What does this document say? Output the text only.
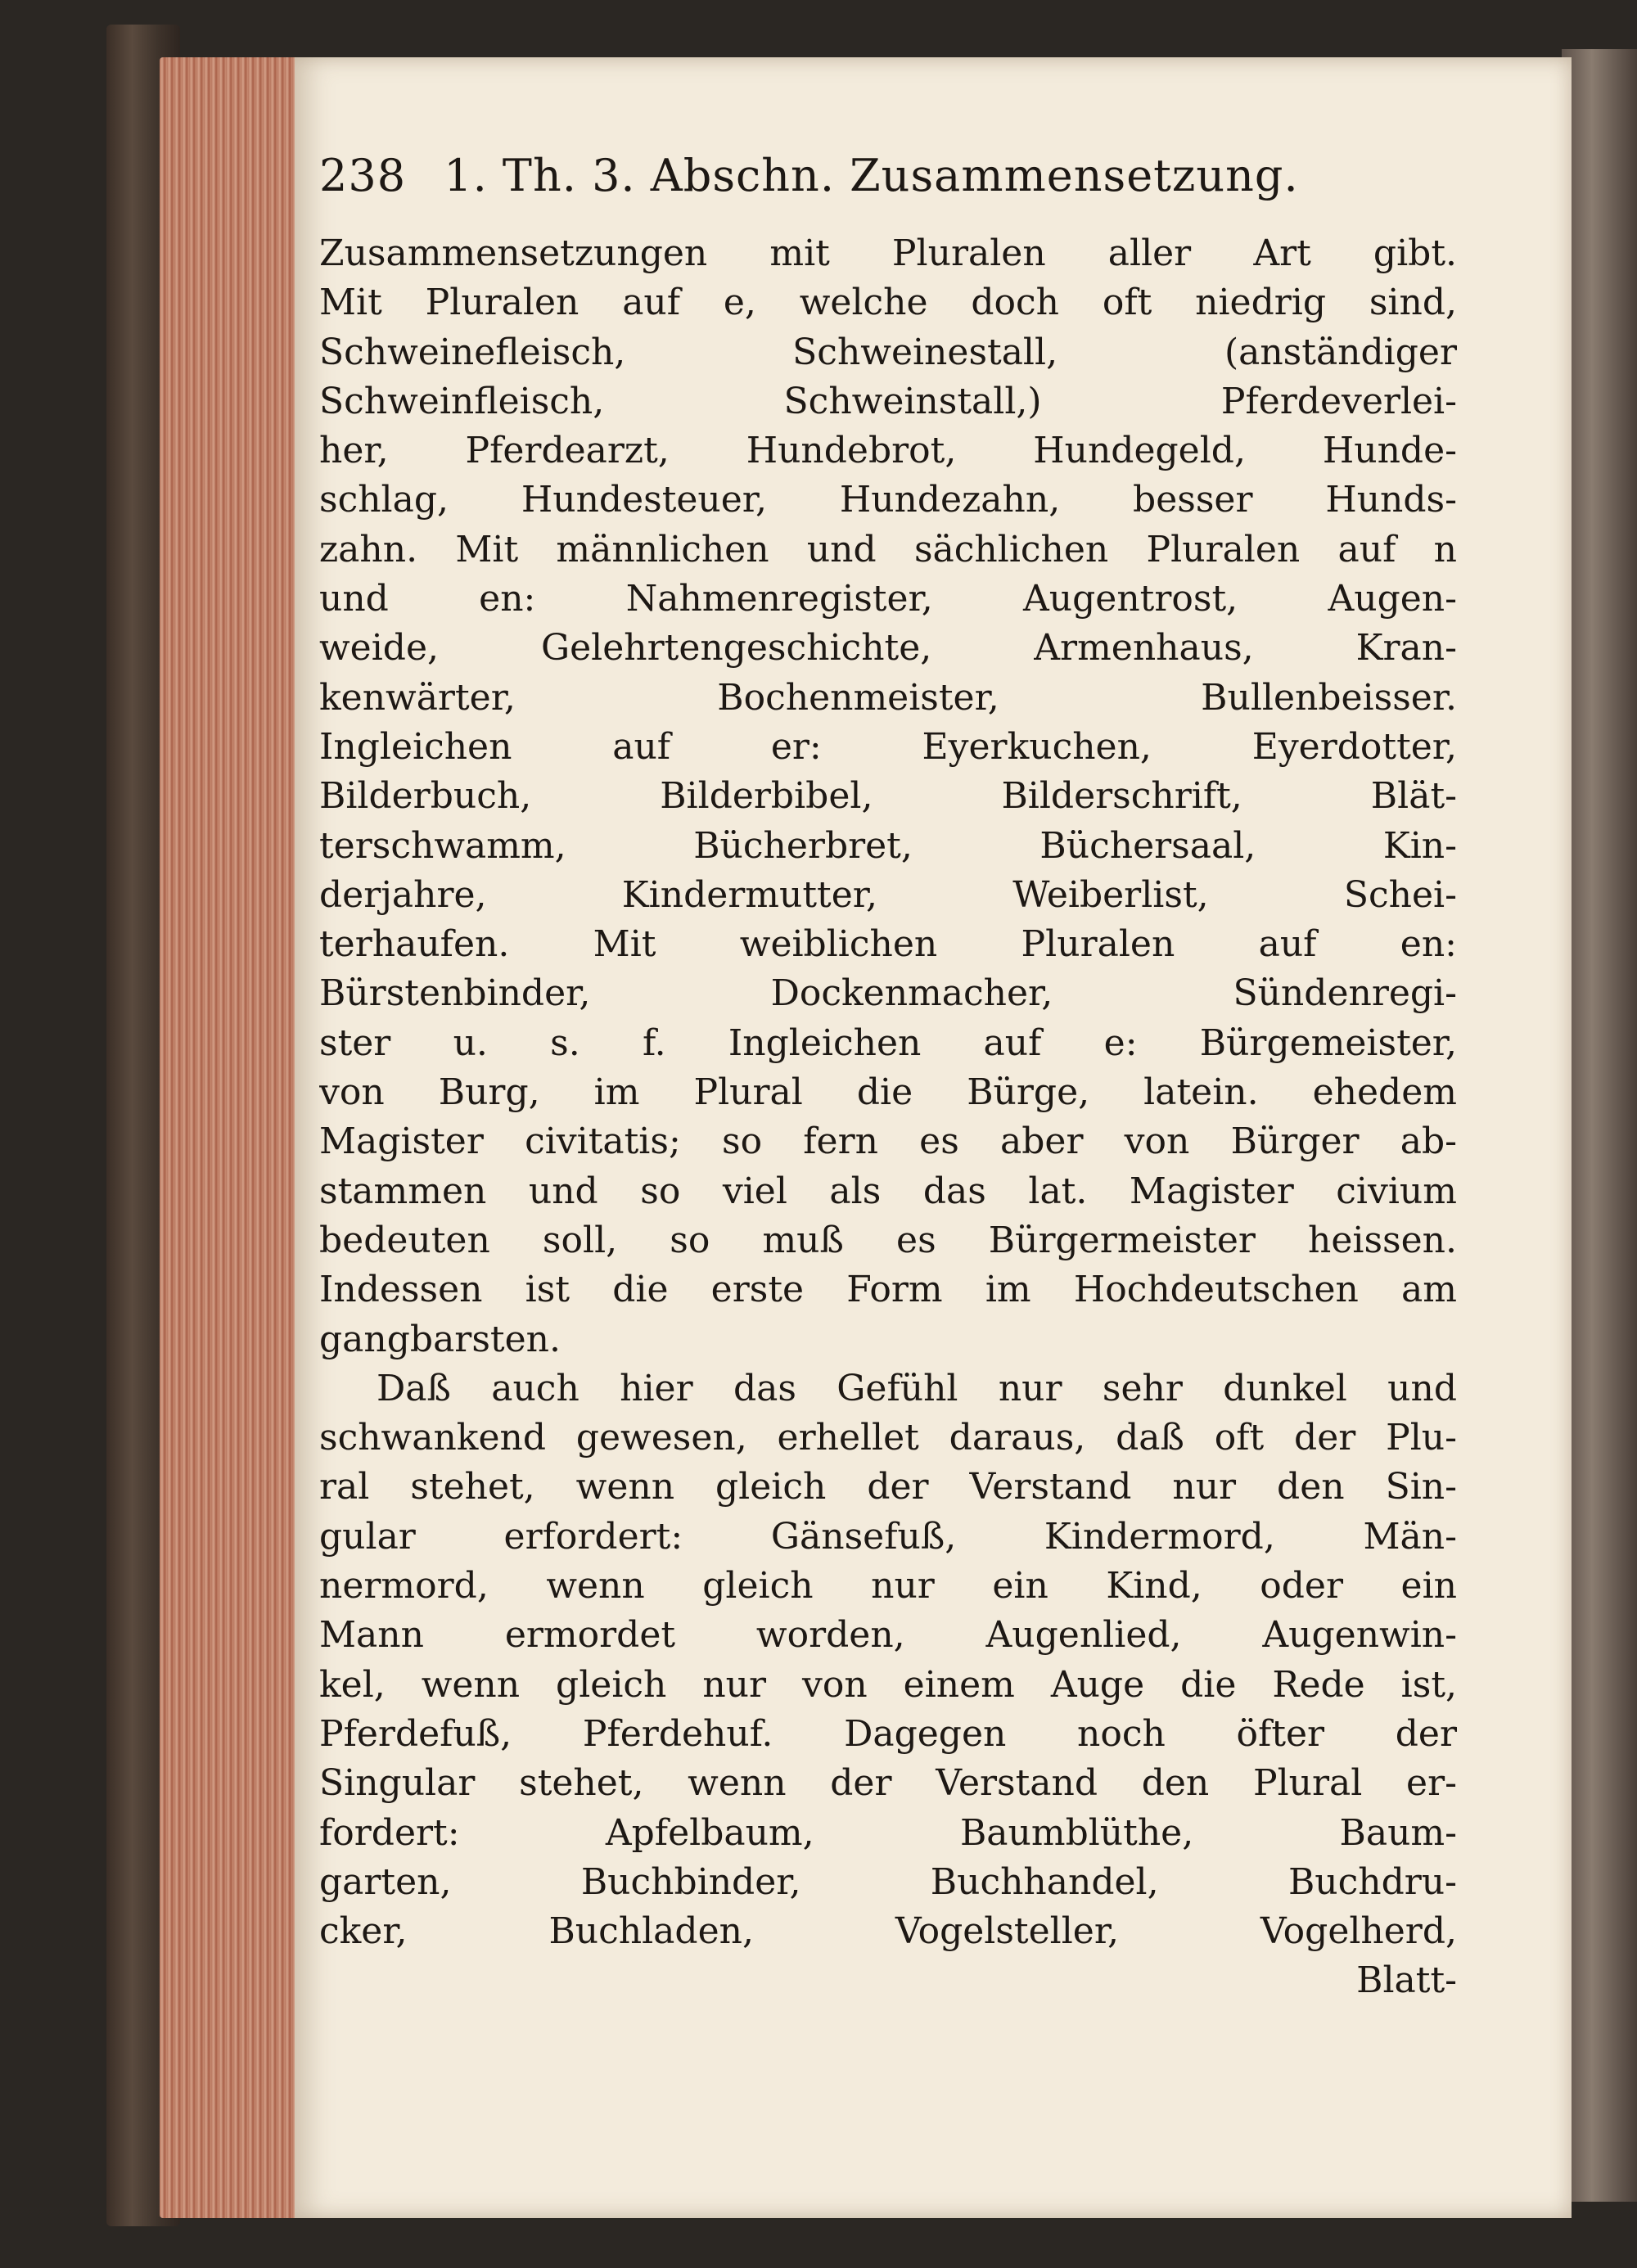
238 1. Th. 3. Abschn. Zusammensetzung.
Zusammensetzungen mit Pluralen aller Art gibt.
Mit Pluralen auf e, welche doch oft niedrig sind,
Schweinefleisch, Schweinestall, (anständiger
Schweinfleisch, Schweinstall,) Pferdeverlei-
her, Pferdearzt, Hundebrot, Hundegeld, Hunde-
schlag, Hundesteuer, Hundezahn, besser Hunds-
zahn. Mit männlichen und sächlichen Pluralen auf n
und en: Nahmenregister, Augentrost, Augen-
weide, Gelehrtengeschichte, Armenhaus, Kran-
kenwärter, Bochenmeister, Bullenbeisser.
Ingleichen auf er: Eyerkuchen, Eyerdotter,
Bilderbuch, Bilderbibel, Bilderschrift, Blät-
terschwamm, Bücherbret, Büchersaal, Kin-
derjahre, Kindermutter, Weiberlist, Schei-
terhaufen. Mit weiblichen Pluralen auf en:
Bürstenbinder, Dockenmacher, Sündenregi-
ster u. s. f. Ingleichen auf e: Bürgemeister,
von Burg, im Plural die Bürge, latein. ehedem
Magister civitatis; so fern es aber von Bürger ab-
stammen und so viel als das lat. Magister civium
bedeuten soll, so muß es Bürgermeister heissen.
Indessen ist die erste Form im Hochdeutschen am
gangbarsten.
Daß auch hier das Gefühl nur sehr dunkel und
schwankend gewesen, erhellet daraus, daß oft der Plu-
ral stehet, wenn gleich der Verstand nur den Sin-
gular erfordert: Gänsefuß, Kindermord, Män-
nermord, wenn gleich nur ein Kind, oder ein
Mann ermordet worden, Augenlied, Augenwin-
kel, wenn gleich nur von einem Auge die Rede ist,
Pferdefuß, Pferdehuf. Dagegen noch öfter der
Singular stehet, wenn der Verstand den Plural er-
fordert: Apfelbaum, Baumblüthe, Baum-
garten, Buchbinder, Buchhandel, Buchdru-
cker, Buchladen, Vogelsteller, Vogelherd,
Blatt-
